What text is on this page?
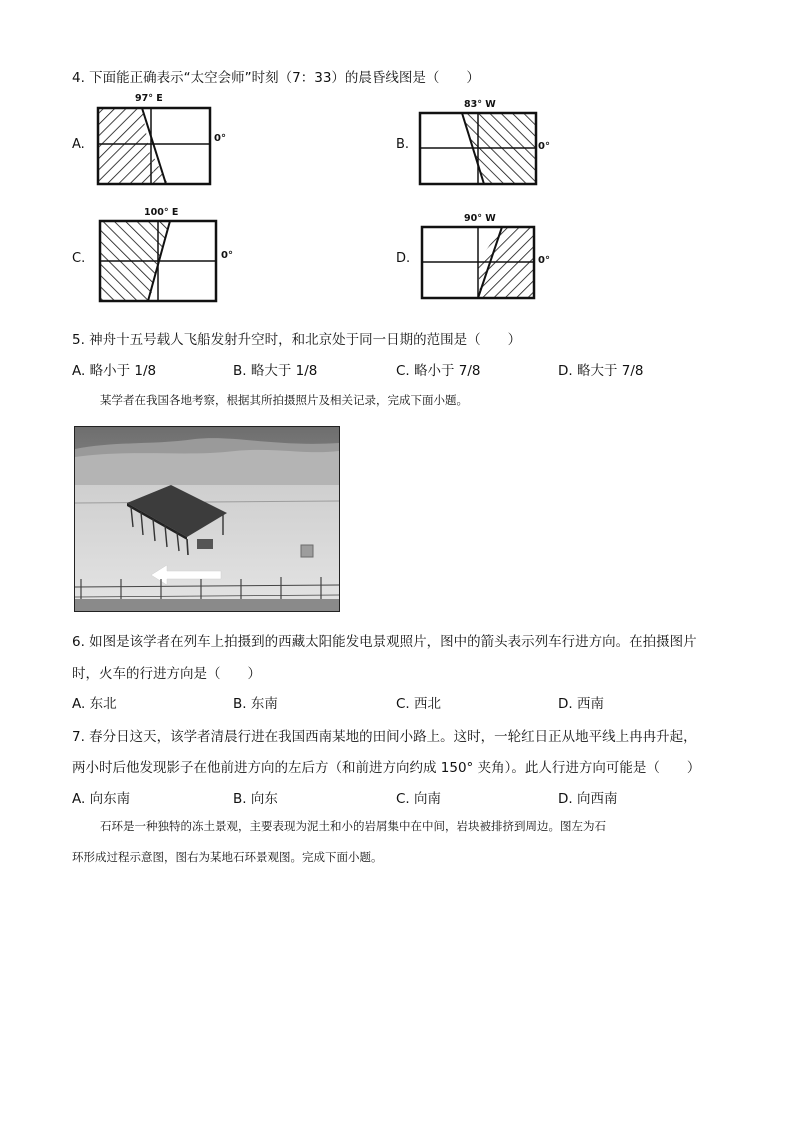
4. 下面能正确表示“太空会师”时刻（7：33）的晨昏线图是（　　）
A.
97° E
0°	B.
83° W
0°
C.
100° E
0°	D.
90° W
0°
5. 神舟十五号载人飞船发射升空时，和北京处于同一日期的范围是（　　）
A. 略小于 1/8	B. 略大于 1/8	C. 略小于 7/8	D. 略大于 7/8
某学者在我国各地考察，根据其所拍摄照片及相关记录，完成下面小题。
6. 如图是该学者在列车上拍摄到的西藏太阳能发电景观照片，图中的箭头表示列车行进方向。在拍摄图片
时，火车的行进方向是（　　）
A. 东北	B. 东南	C. 西北	D. 西南
7. 春分日这天，该学者清晨行进在我国西南某地的田间小路上。这时，一轮红日正从地平线上冉冉升起，
两小时后他发现影子在他前进方向的左后方（和前进方向约成 150° 夹角）。此人行进方向可能是（　　）
A. 向东南	B. 向东	C. 向南	D. 向西南
石环是一种独特的冻土景观，主要表现为泥土和小的岩屑集中在中间，岩块被排挤到周边。图左为石
环形成过程示意图，图右为某地石环景观图。完成下面小题。
